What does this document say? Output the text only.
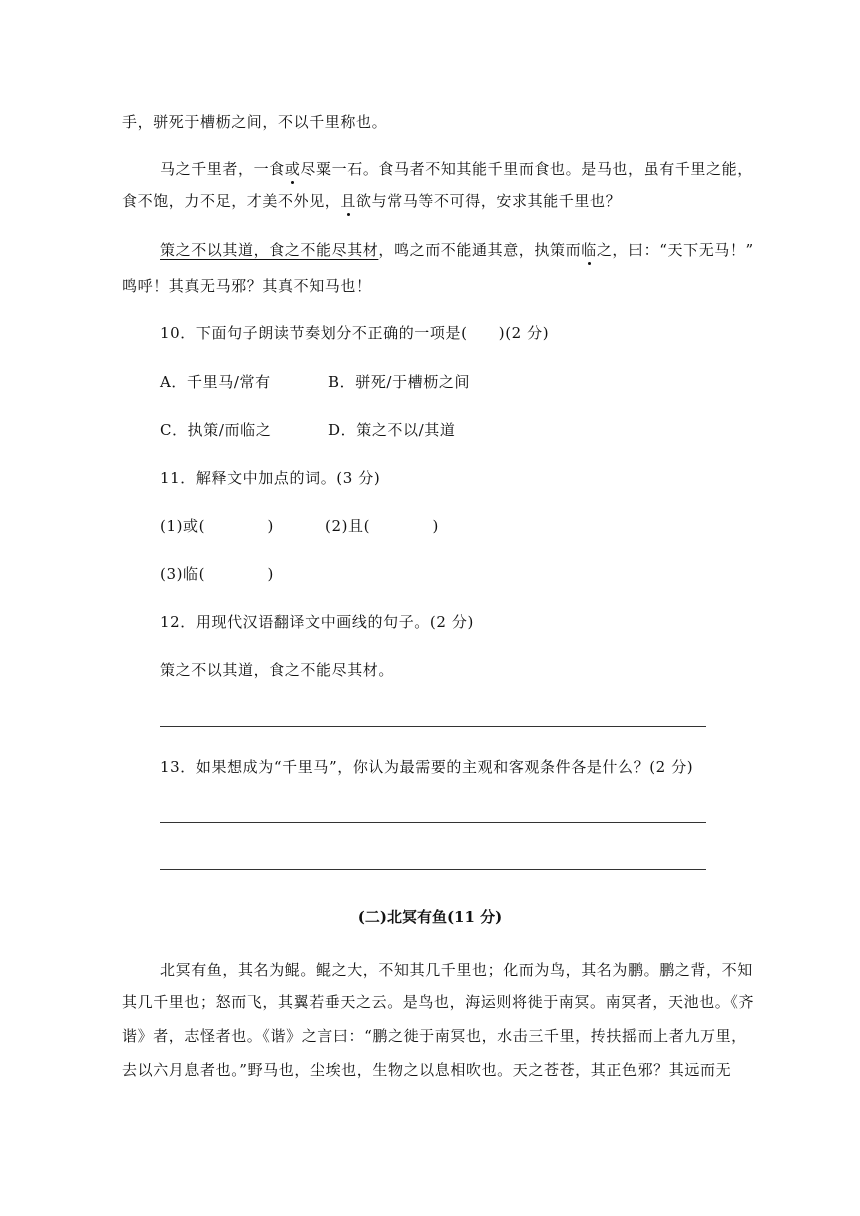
手，骈死于槽枥之间，不以千里称也。
马之千里者，一食或尽粟一石。食马者不知其能千里而食也。是马也，虽有千里之能，
食不饱，力不足，才美不外见，且欲与常马等不可得，安求其能千里也？
策之不以其道，食之不能尽其材，鸣之而不能通其意，执策而临之，曰：“天下无马！”
鸣呼！其真无马邪？其真不知马也！
10．下面句子朗读节奏划分不正确的一项是(　　)(2 分)
A．千里马/常有	B．骈死/于槽枥之间
C．执策/而临之	D．策之不以/其道
11．解释文中加点的词。(3 分)
(1)或(　　　　)	(2)且(　　　　)
(3)临(　　　　)
12．用现代汉语翻译文中画线的句子。(2 分)
策之不以其道，食之不能尽其材。
13．如果想成为“千里马”，你认为最需要的主观和客观条件各是什么？(2 分)
(二)北冥有鱼(11 分)
北冥有鱼，其名为鲲。鲲之大，不知其几千里也；化而为鸟，其名为鹏。鹏之背，不知
其几千里也；怒而飞，其翼若垂天之云。是鸟也，海运则将徙于南冥。南冥者，天池也。《齐
谐》者，志怪者也。《谐》之言曰：“鹏之徙于南冥也，水击三千里，抟扶摇而上者九万里，
去以六月息者也。”野马也，尘埃也，生物之以息相吹也。天之苍苍，其正色邪？其远而无
